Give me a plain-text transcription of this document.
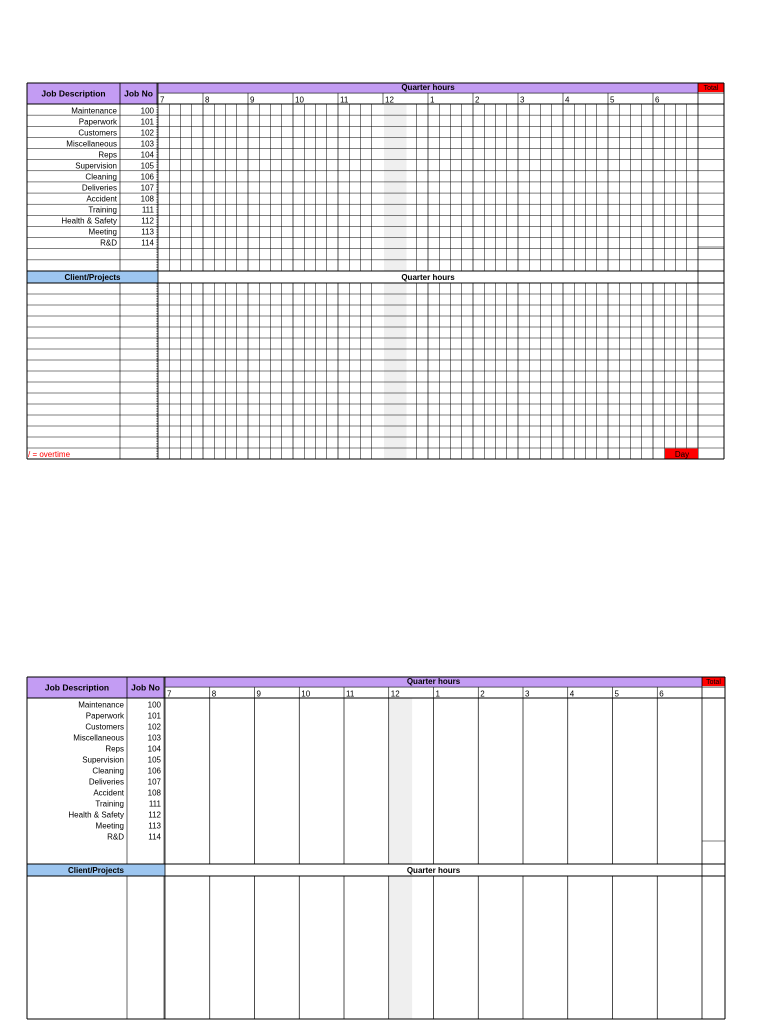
Job Description Job No
Quarter hours	Total
Client/Projects	Quarter hours
7	8	9	10	11	12	1	2	3	4	5	6
Maintenance	100
Paperwork	101
Customers	102
Miscellaneous	103
Reps	104
Supervision	105
Cleaning	106
Deliveries	107
Accident	108
Training	111
Health & Safety	112
Meeting	113
R&D	114
/ = overtime	Day
Job Description	Job No
Quarter hours	Total
Client/Projects	Quarter hours
7	8	9	10	11	12	1	2	3	4	5	6
Maintenance	100
Paperwork	101
Customers	102
Miscellaneous	103
Reps	104
Supervision	105
Cleaning	106
Deliveries	107
Accident	108
Training	111
Health & Safety	112
Meeting	113
R&D	114
